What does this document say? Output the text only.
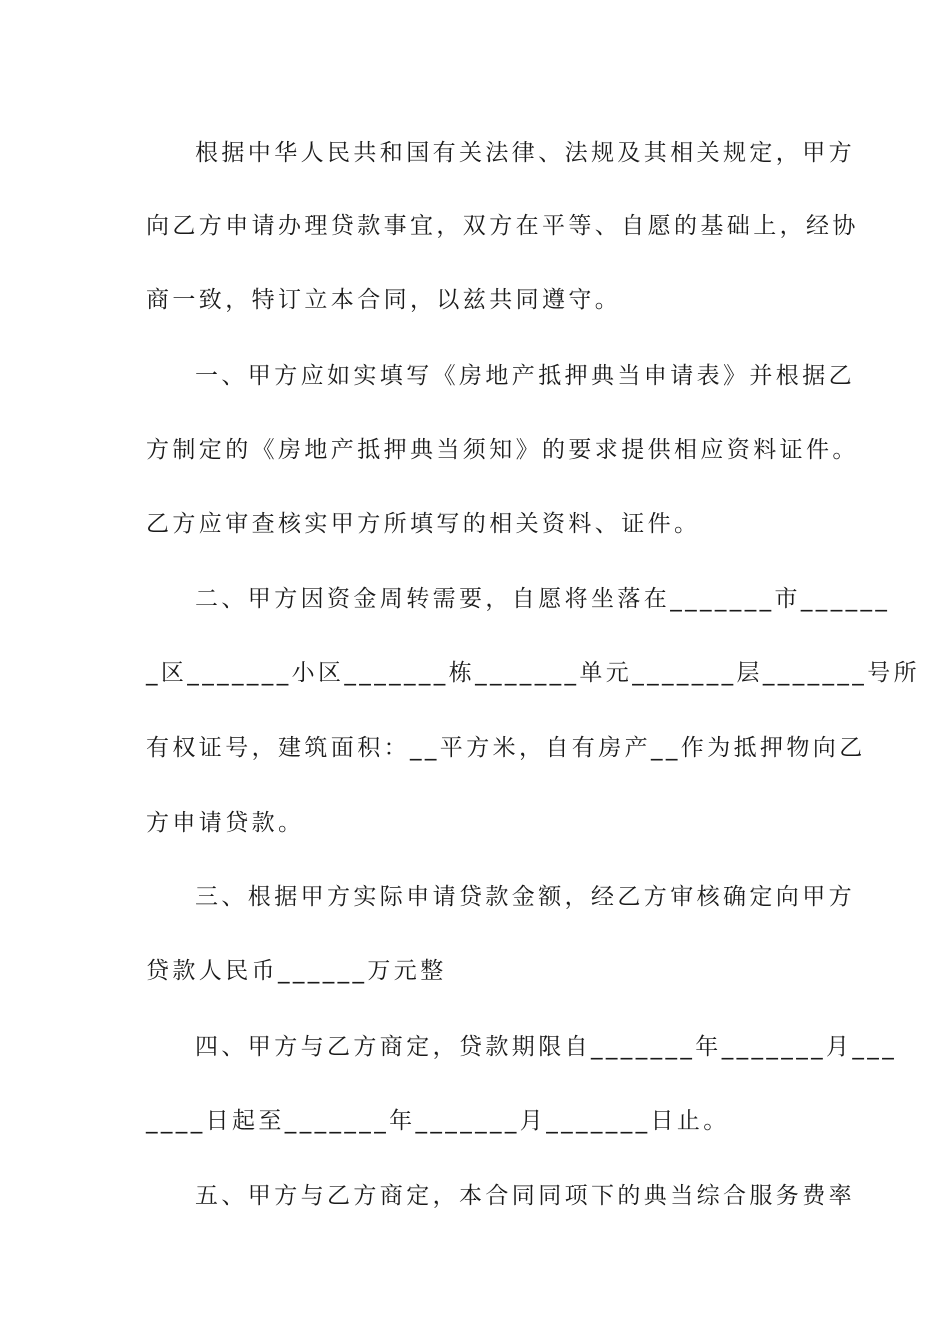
根据中华人民共和国有关法律、法规及其相关规定，甲方
向乙方申请办理贷款事宜，双方在平等、自愿的基础上，经协
商一致，特订立本合同，以兹共同遵守。
一、甲方应如实填写《房地产抵押典当申请表》并根据乙
方制定的《房地产抵押典当须知》的要求提供相应资料证件。
乙方应审查核实甲方所填写的相关资料、证件。
二、甲方因资金周转需要，自愿将坐落在_______市______
_区_______小区_______栋_______单元_______层_______号所
有权证号，建筑面积：__平方米，自有房产__作为抵押物向乙
方申请贷款。
三、根据甲方实际申请贷款金额，经乙方审核确定向甲方
贷款人民币______万元整
四、甲方与乙方商定，贷款期限自_______年_______月___
____日起至_______年_______月_______日止。
五、甲方与乙方商定，本合同同项下的典当综合服务费率
